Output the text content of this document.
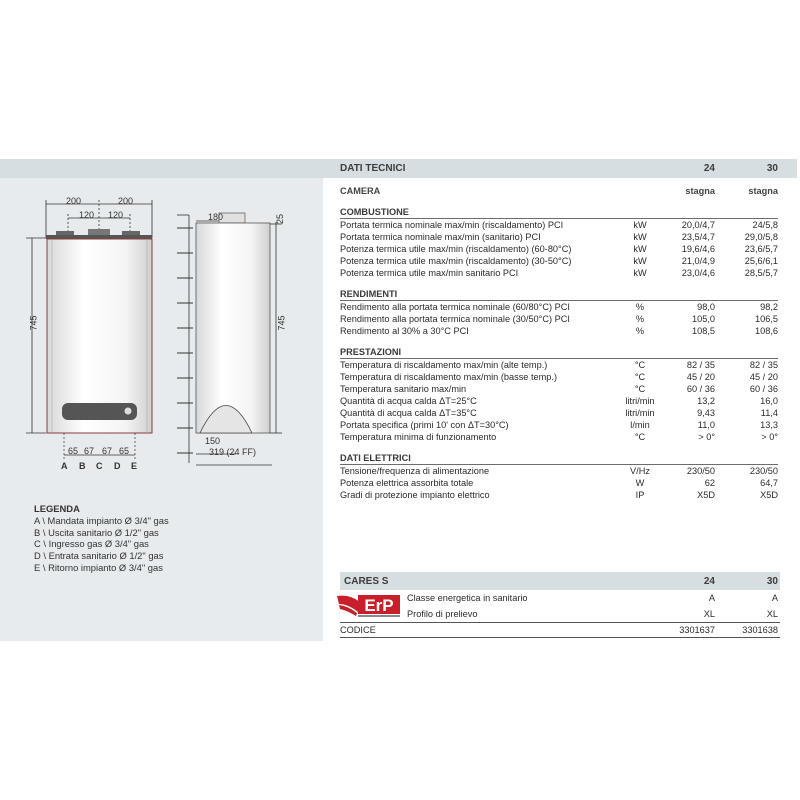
200	200
120 120
745
65 67 67 65
A B C D E
180	25
745
150
319 (24 FF)
LEGENDA
A \ Mandata impianto Ø 3/4" gas
B \ Uscita sanitario Ø 1/2" gas
C \ Ingresso gas Ø 3/4" gas
D \ Entrata sanitario Ø 1/2" gas
E \ Ritorno impianto Ø 3/4" gas
DATI TECNICI	24	30
CAMERA	stagna	stagna
COMBUSTIONE
Portata termica nominale max/min (riscaldamento) PCI	kW	20,0/4,7	24/5,8
Portata termica nominale max/min (sanitario) PCI	kW	23,5/4,7	29,0/5,8
Potenza termica utile max/min (riscaldamento) (60-80°C)	kW	19,6/4,6	23,6/5,7
Potenza termica utile max/min (riscaldamento) (30-50°C)	kW	21,0/4,9	25,6/6,1
Potenza termica utile max/min sanitario PCI	kW	23,0/4,6	28,5/5,7
RENDIMENTI
Rendimento alla portata termica nominale (60/80°C) PCI	%	98,0	98,2
Rendimento alla portata termica nominale (30/50°C) PCI	%	105,0	106,5
Rendimento al 30% a 30°C PCI	%	108,5	108,6
PRESTAZIONI
Temperatura di riscaldamento max/min (alte temp.)	°C	82 / 35	82 / 35
Temperatura di riscaldamento max/min (basse temp.)	°C	45 / 20	45 / 20
Temperatura sanitario max/min	°C	60 / 36	60 / 36
Quantità di acqua calda ΔT=25°C	litri/min	13,2	16,0
Quantità di acqua calda ΔT=35°C	litri/min	9,43	11,4
Portata specifica (primi 10' con ΔT=30°C)	l/min	11,0	13,3
Temperatura minima di funzionamento	°C	> 0°	> 0°
DATI ELETTRICI
Tensione/frequenza di alimentazione	V/Hz	230/50	230/50
Potenza elettrica assorbita totale	W	62	64,7
Gradi di protezione impianto elettrico	IP	X5D	X5D
CARES S	24	30
Classe energetica in sanitario	A	A
Profilo di prelievo	XL	XL
CODICE	3301637	3301638
ErP
